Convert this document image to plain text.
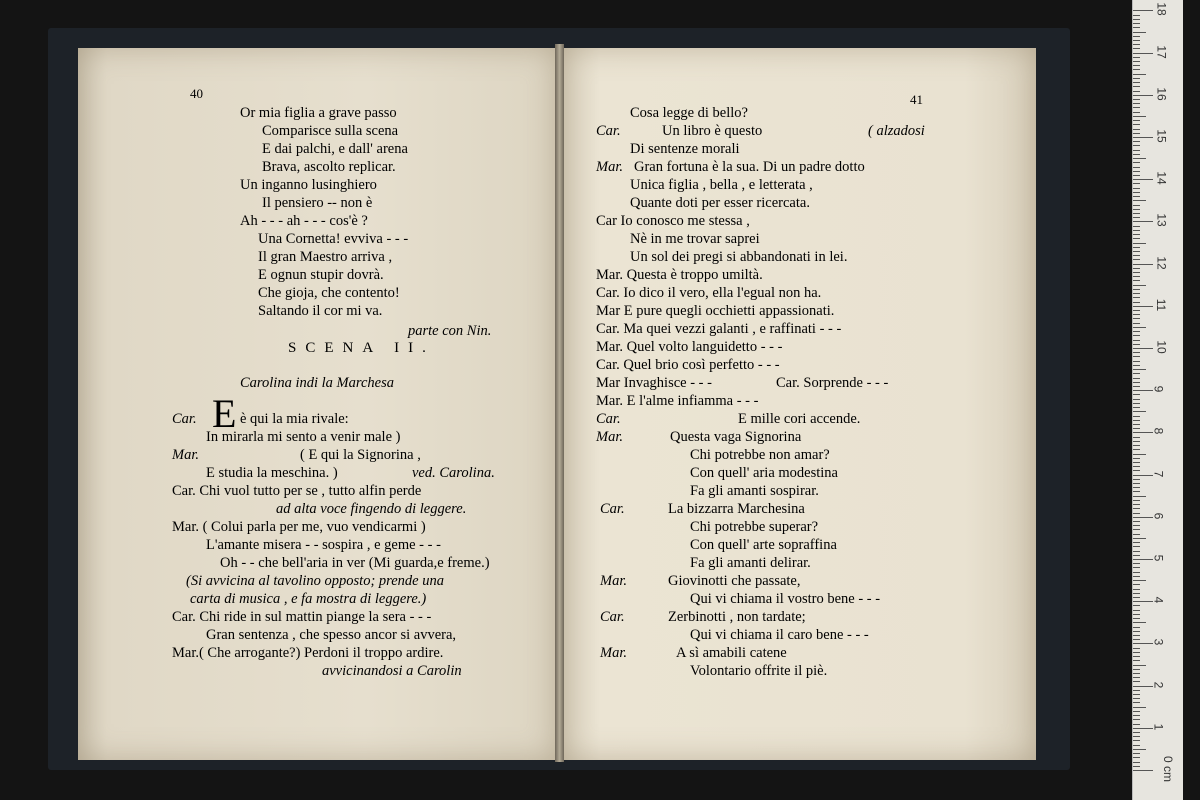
40	41
SCENA II.
E
Or mia figlia a grave passo
Comparisce sulla scena
E dai palchi, e dall' arena
Brava, ascolto replicar.
Un inganno lusinghiero
Il pensiero -- non è
Ah - - - ah - - - cos'è ?
Una Cornetta! evviva - - -
Il gran Maestro arriva ,
E ognun stupir dovrà.
Che gioja, che contento!
Saltando il cor mi va.
parte con Nin.
Carolina indi la Marchesa
Car.	è qui la mia rivale:
In mirarla mi sento a venir male )
Mar.	( E qui la Signorina ,
E studia la meschina. )	ved. Carolina.
Car. Chi vuol tutto per se , tutto alfin perde
ad alta voce fingendo di leggere.
Mar. ( Colui parla per me, vuo vendicarmi )
L'amante misera - - sospira , e geme - - -
Oh - - che bell'aria in ver (Mi guarda,e freme.)
(Si avvicina al tavolino opposto; prende una
carta di musica , e fa mostra di leggere.)
Car. Chi ride in sul mattin piange la sera - - -
Gran sentenza , che spesso ancor si avvera,
Mar.( Che arrogante?) Perdoni il troppo ardire.
avvicinandosi a Carolin
Cosa legge di bello?
Car.	Un libro è questo	( alzadosi
Di sentenze morali
Mar. Gran fortuna è la sua. Di un padre dotto
Unica figlia , bella , e letterata ,
Quante doti per esser ricercata.
Car Io conosco me stessa ,
Nè in me trovar saprei
Un sol dei pregi si abbandonati in lei.
Mar. Questa è troppo umiltà.
Car. Io dico il vero, ella l'egual non ha.
Mar E pure quegli occhietti appassionati.
Car. Ma quei vezzi galanti , e raffinati - - -
Mar. Quel volto languidetto - - -
Car. Quel brio così perfetto - - -
Mar Invaghisce - - -	Car. Sorprende - - -
Mar. E l'alme infiamma - - -
Car.	E mille cori accende.
Mar.	Questa vaga Signorina
Chi potrebbe non amar?
Con quell' aria modestina
Fa gli amanti sospirar.
Car.	La bizzarra Marchesina
Chi potrebbe superar?
Con quell' arte sopraffina
Fa gli amanti delirar.
Mar.	Giovinotti che passate,
Qui vi chiama il vostro bene - - -
Car.	Zerbinotti , non tardate;
Qui vi chiama il caro bene - - -
Mar.	A sì amabili catene
Volontario offrite il piè.
0 cm
1
2
3
4
5
6
7
8
9
10
11
12
13
14
15
16
17
18
